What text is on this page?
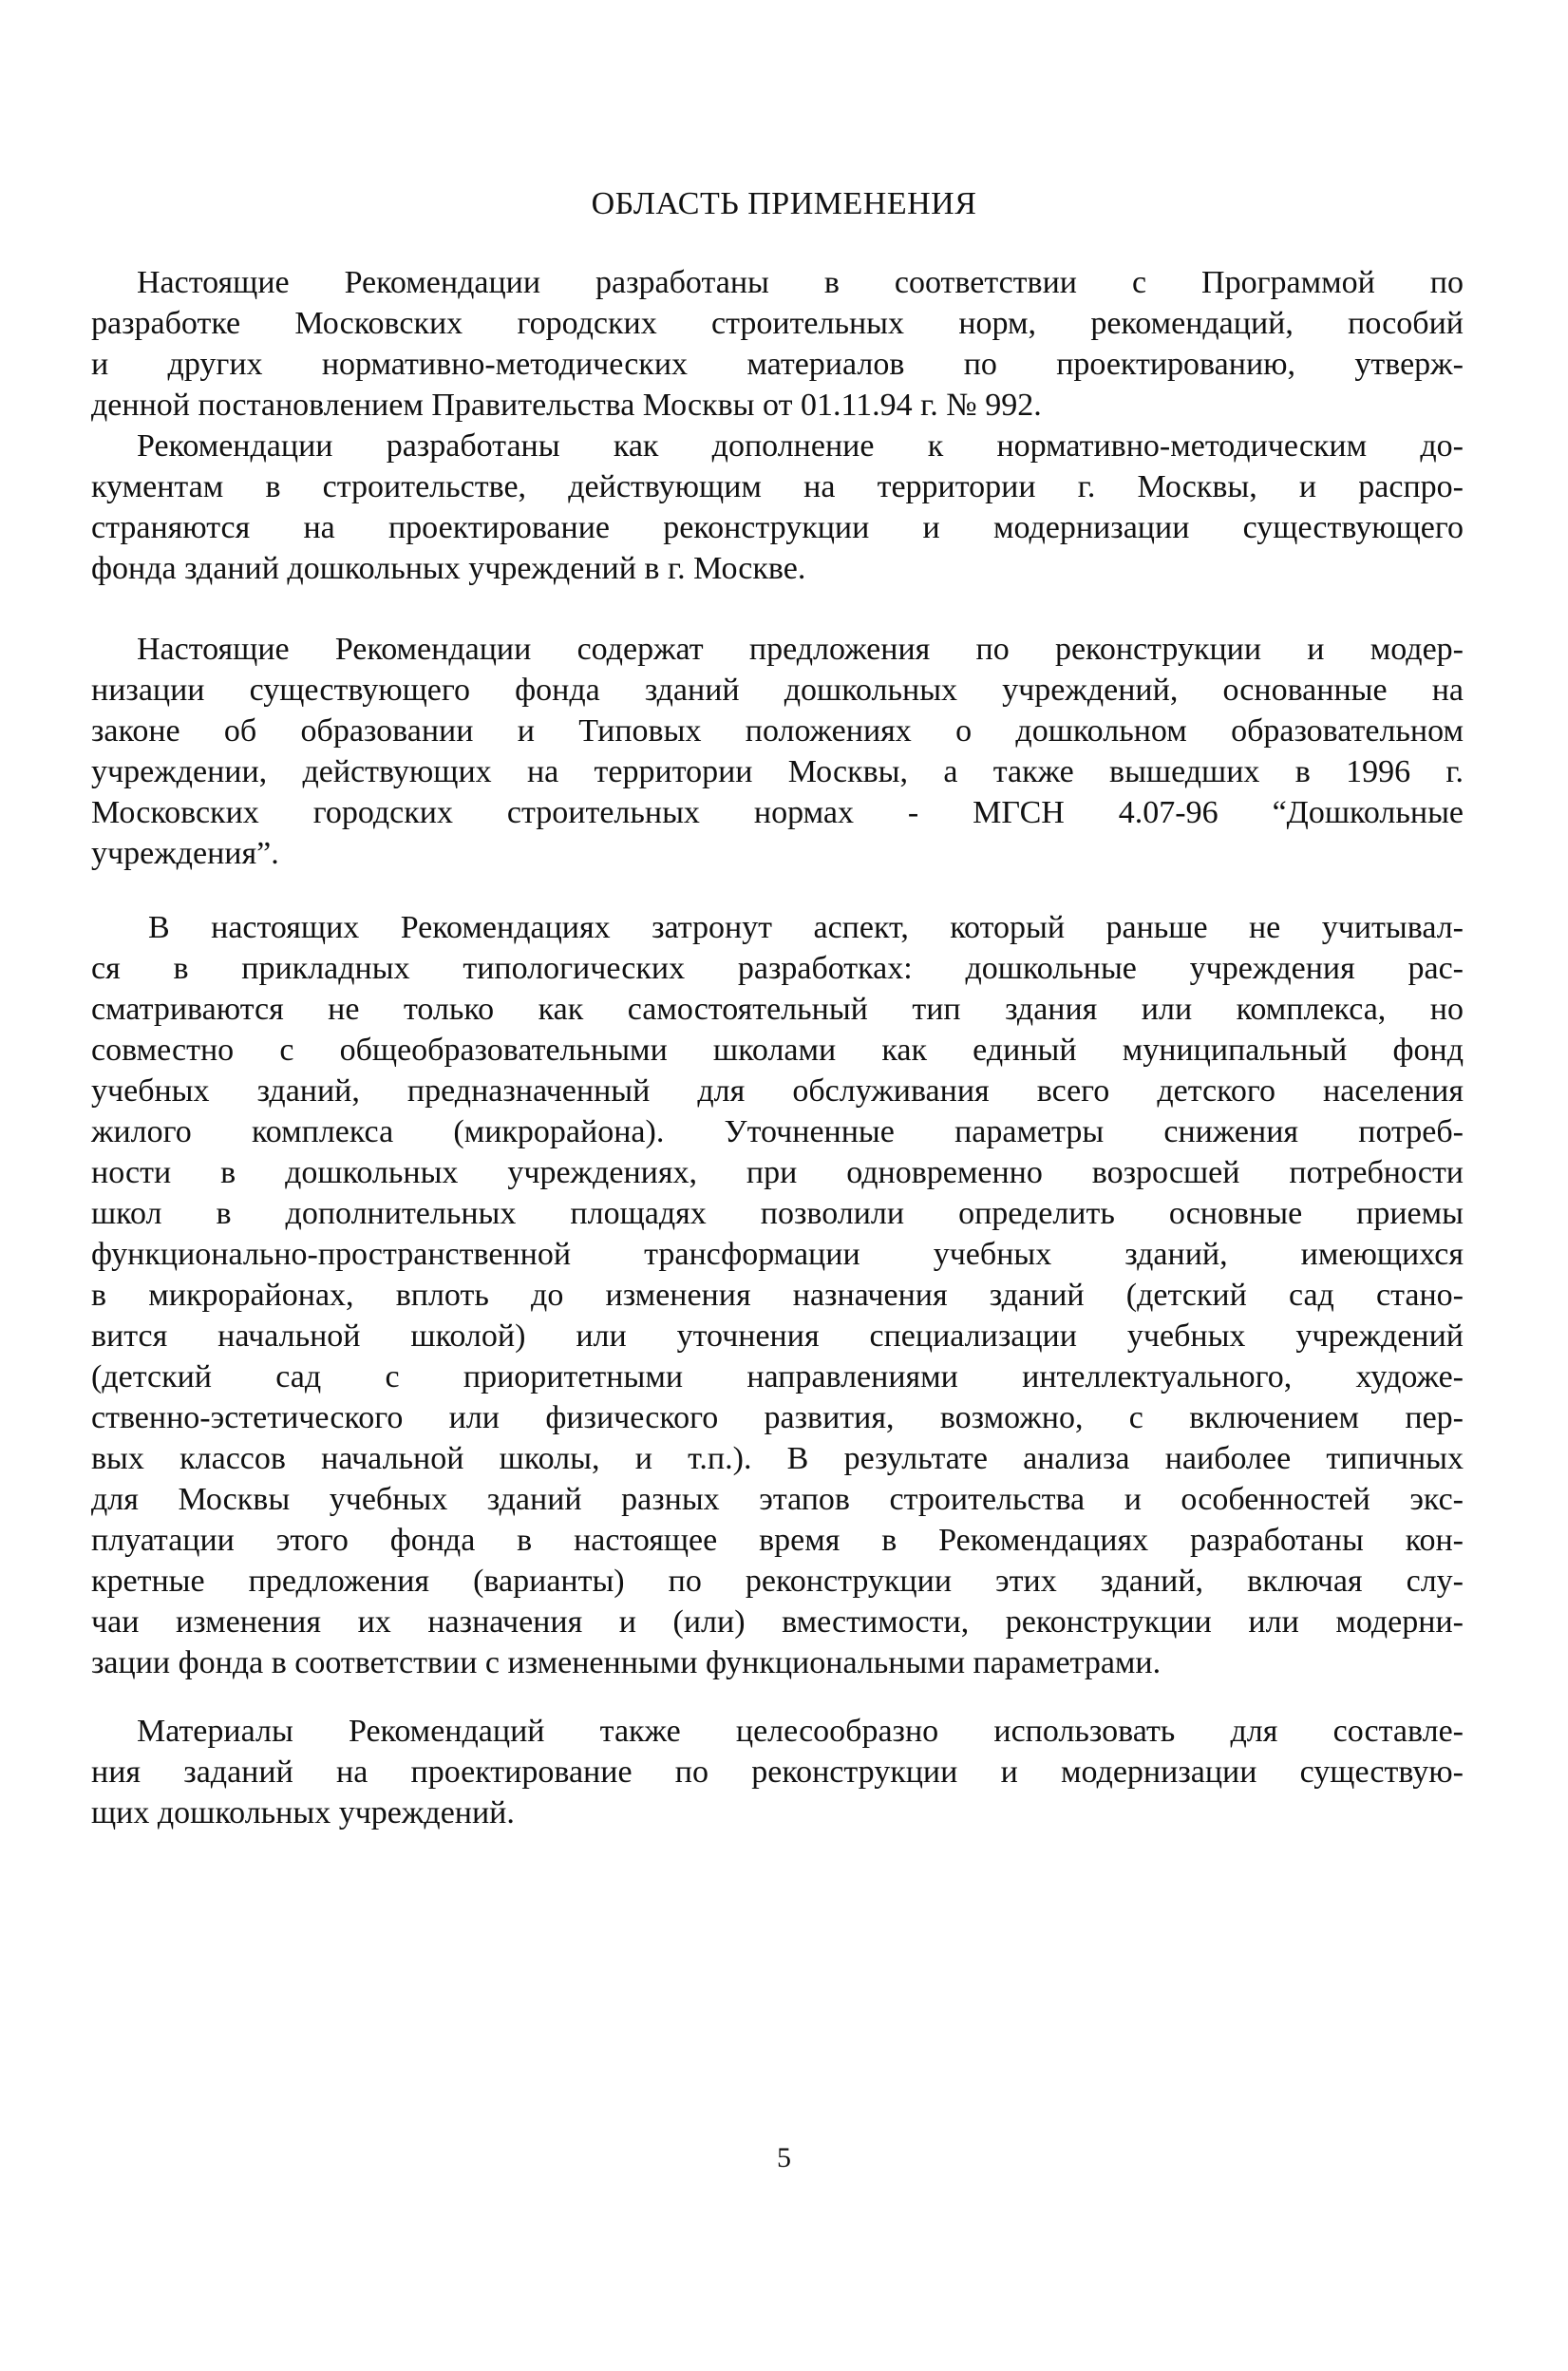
ОБЛАСТЬ ПРИМЕНЕНИЯ
Настоящие Рекомендации разработаны в соответствии с Программой по
разработке Московских городских строительных норм, рекомендаций, пособий
и других нормативно-методических материалов по проектированию, утверж-
денной постановлением Правительства Москвы от 01.11.94 г. № 992.
Рекомендации разработаны как дополнение к нормативно-методическим до-
кументам в строительстве, действующим на территории г. Москвы, и распро-
страняются на проектирование реконструкции и модернизации существующего
фонда зданий дошкольных учреждений в г. Москве.
Настоящие Рекомендации содержат предложения по реконструкции и модер-
низации существующего фонда зданий дошкольных учреждений, основанные на
законе об образовании и Типовых положениях о дошкольном образовательном
учреждении, действующих на территории Москвы, а также вышедших в 1996 г.
Московских городских строительных нормах - МГСН 4.07-96 “Дошкольные
учреждения”.
В настоящих Рекомендациях затронут аспект, который раньше не учитывал-
ся в прикладных типологических разработках: дошкольные учреждения рас-
сматриваются не только как самостоятельный тип здания или комплекса, но
совместно с общеобразовательными школами как единый муниципальный фонд
учебных зданий, предназначенный для обслуживания всего детского населения
жилого комплекса (микрорайона). Уточненные параметры снижения потреб-
ности в дошкольных учреждениях, при одновременно возросшей потребности
школ в дополнительных площадях позволили определить основные приемы
функционально-пространственной трансформации учебных зданий, имеющихся
в микрорайонах, вплоть до изменения назначения зданий (детский сад стано-
вится начальной школой) или уточнения специализации учебных учреждений
(детский сад с приоритетными направлениями интеллектуального, художе-
ственно-эстетического или физического развития, возможно, с включением пер-
вых классов начальной школы, и т.п.). В результате анализа наиболее типичных
для Москвы учебных зданий разных этапов строительства и особенностей экс-
плуатации этого фонда в настоящее время в Рекомендациях разработаны кон-
кретные предложения (варианты) по реконструкции этих зданий, включая слу-
чаи изменения их назначения и (или) вместимости, реконструкции или модерни-
зации фонда в соответствии с измененными функциональными параметрами.
Материалы Рекомендаций также целесообразно использовать для составле-
ния заданий на проектирование по реконструкции и модернизации существую-
щих дошкольных учреждений.
5
